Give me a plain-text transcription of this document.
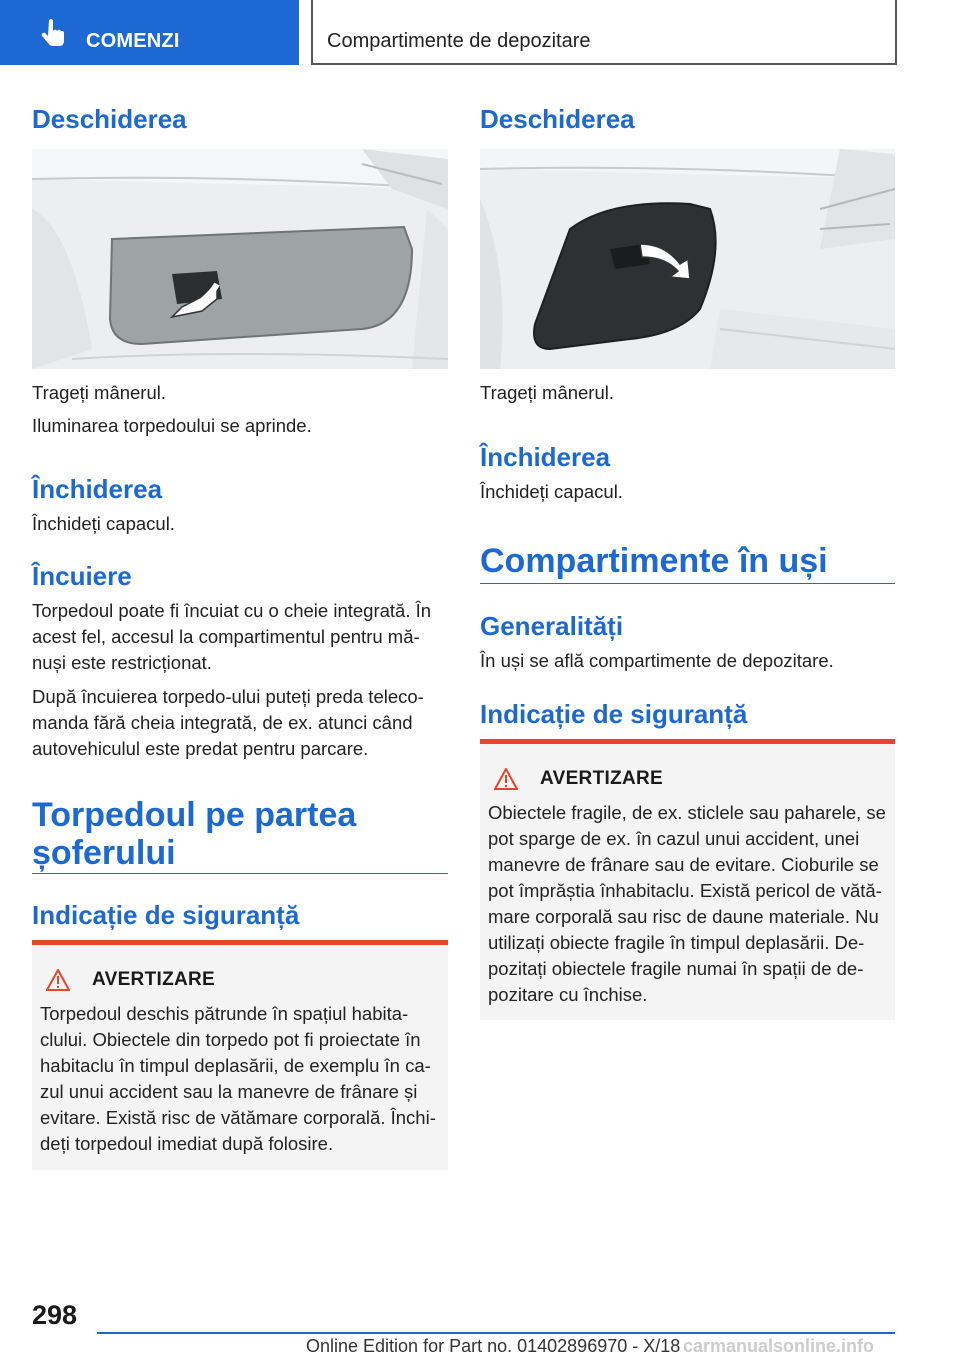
COMENZI	Compartimente de depozitare
Deschiderea

Trageți mânerul.

Iluminarea torpedoului se aprinde.

Închiderea

Închideți capacul.

Încuiere

Torpedoul poate fi încuiat cu o cheie integrată. În acest fel, accesul la compartimentul pentru mă-nuși este restricționat.

După încuierea torpedo-ului puteți preda teleco-manda fără cheia integrată, de ex. atunci când autovehiculul este predat pentru parcare.

Torpedoul pe partea șoferului
Indicație de siguranță
AVERTIZARE
Torpedoul deschis pătrunde în spațiul habita-clului. Obiectele din torpedo pot fi proiectate în habitaclu în timpul deplasării, de exemplu în ca-zul unui accident sau la manevre de frânare și evitare. Există risc de vătămare corporală. Închi-deți torpedoul imediat după folosire.
Deschiderea

Trageți mânerul.

Închiderea

Închideți capacul.

Compartimente în uși
Generalități

În uși se află compartimente de depozitare.

Indicație de siguranță
AVERTIZARE
Obiectele fragile, de ex. sticlele sau paharele, se pot sparge de ex. în cazul unui accident, unei manevre de frânare sau de evitare. Cioburile se pot împrăștia înhabitaclu. Există pericol de vătă-mare corporală sau risc de daune materiale. Nu utilizați obiecte fragile în timpul deplasării. De-pozitați obiectele fragile numai în spații de de-pozitare cu închise.
298
Online Edition for Part no. 01402896970 - X/18 carmanualsonline.info
